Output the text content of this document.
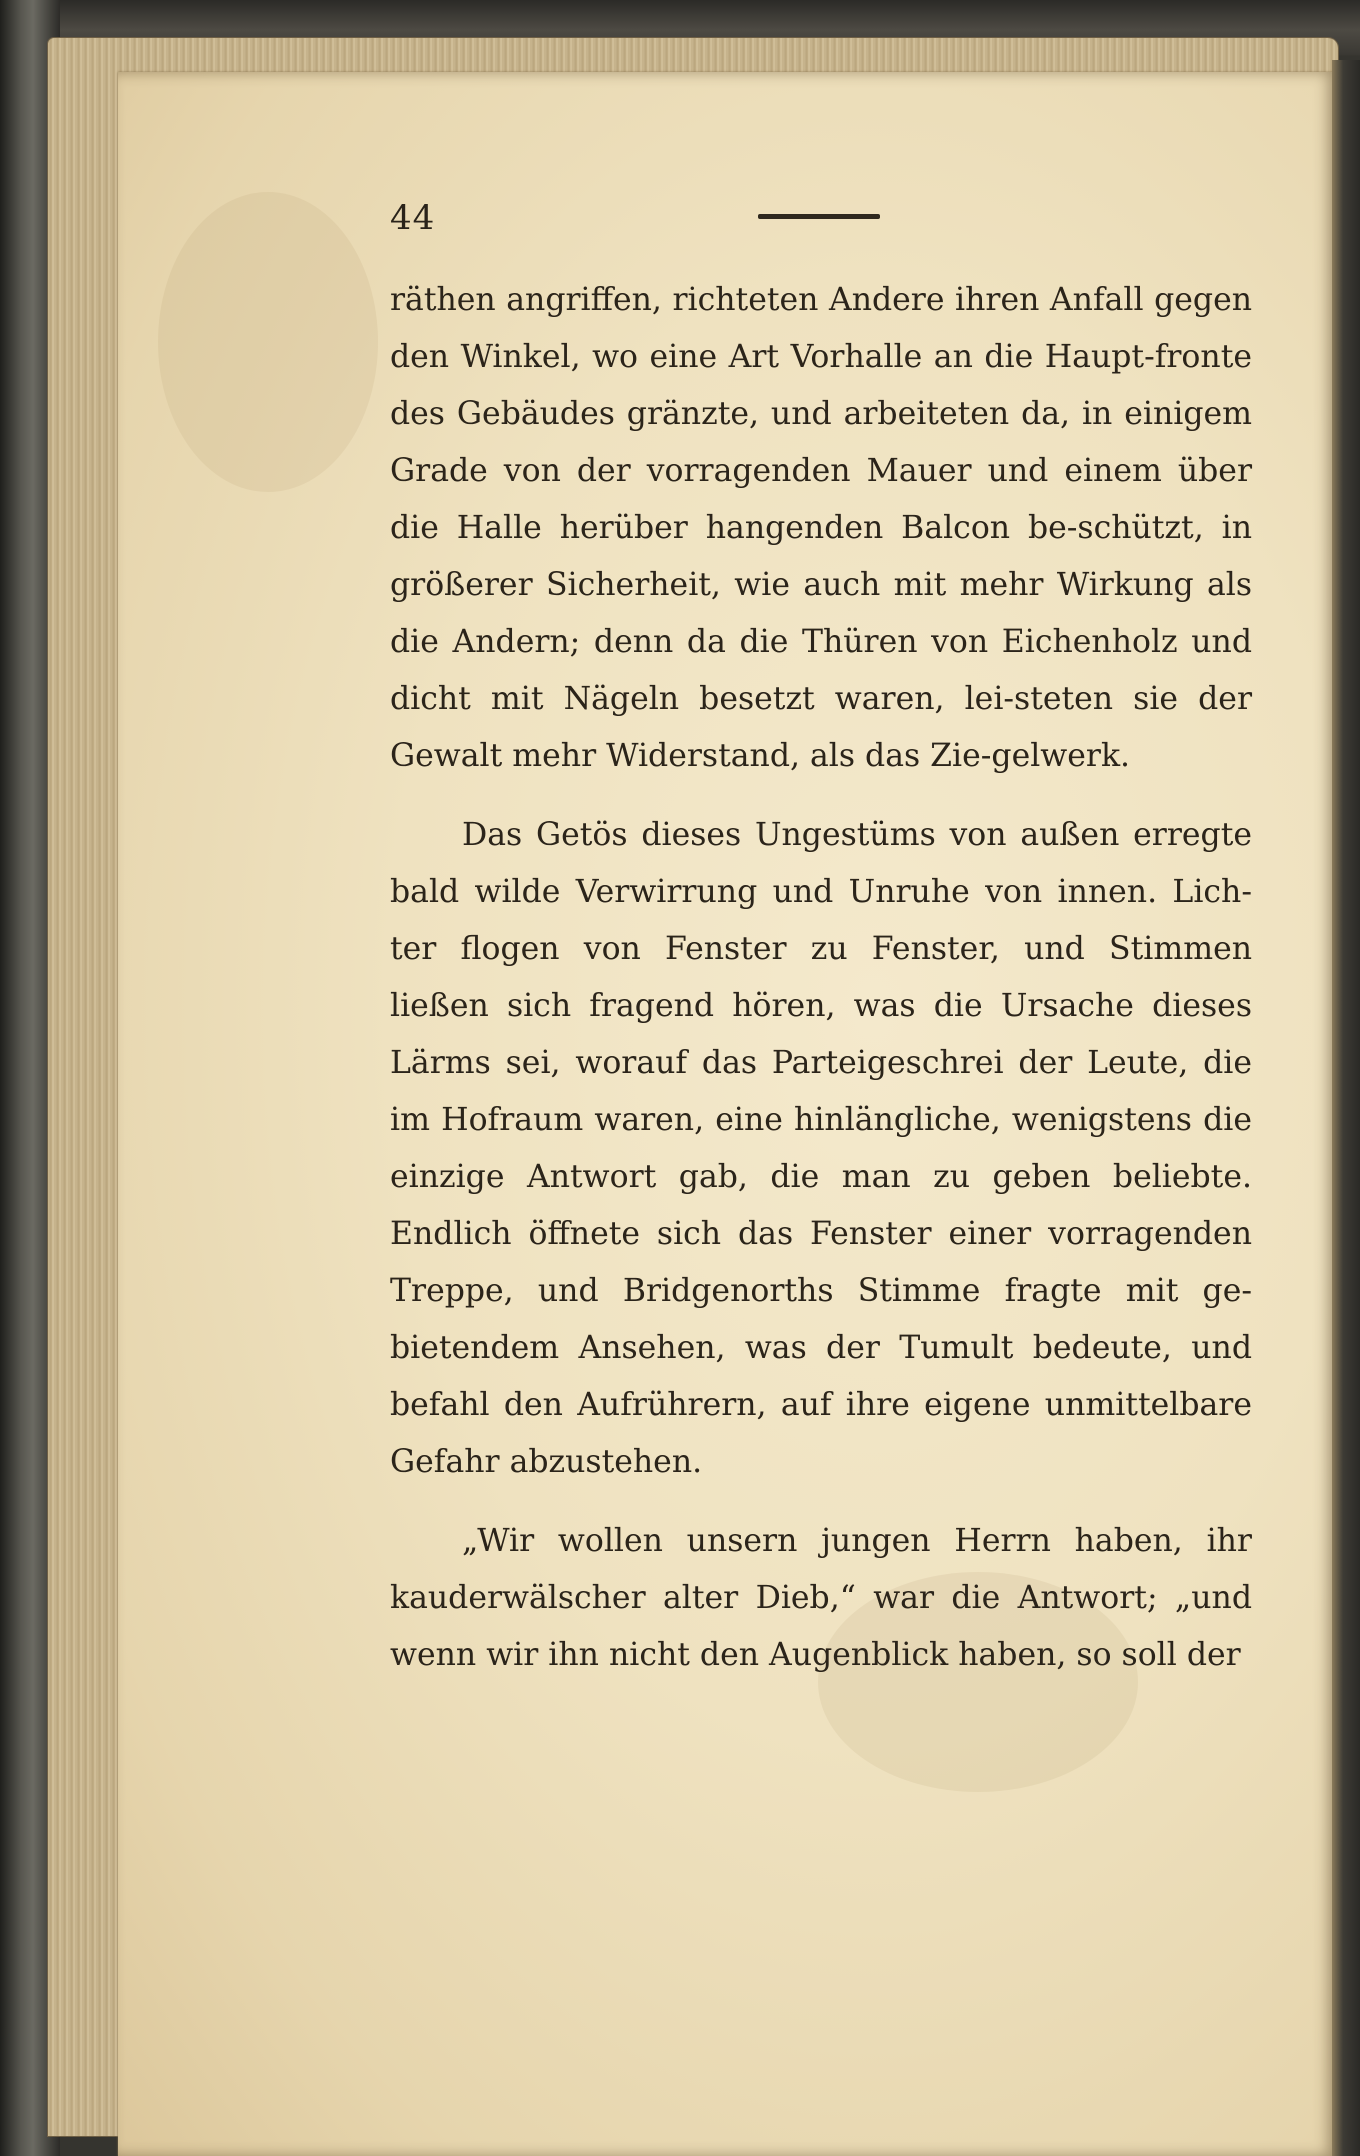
44

räthen angriffen, richteten Andere ihren Anfall gegen den Winkel, wo eine Art Vorhalle an die Haupt-fronte des Gebäudes gränzte, und arbeiteten da, in einigem Grade von der vorragenden Mauer und einem über die Halle herüber hangenden Balcon be-schützt, in größerer Sicherheit, wie auch mit mehr Wirkung als die Andern; denn da die Thüren von Eichenholz und dicht mit Nägeln besetzt waren, lei-steten sie der Gewalt mehr Widerstand, als das Zie-gelwerk.

Das Getös dieses Ungestüms von außen erregte bald wilde Verwirrung und Unruhe von innen. Lich-ter flogen von Fenster zu Fenster, und Stimmen ließen sich fragend hören, was die Ursache dieses Lärms sei, worauf das Parteigeschrei der Leute, die im Hofraum waren, eine hinlängliche, wenigstens die einzige Antwort gab, die man zu geben beliebte. Endlich öffnete sich das Fenster einer vorragenden Treppe, und Bridgenorths Stimme fragte mit ge-bietendem Ansehen, was der Tumult bedeute, und befahl den Aufrührern, auf ihre eigene unmittelbare Gefahr abzustehen.

„Wir wollen unsern jungen Herrn haben, ihr kauderwälscher alter Dieb,“ war die Antwort; „und wenn wir ihn nicht den Augenblick haben, so soll der
